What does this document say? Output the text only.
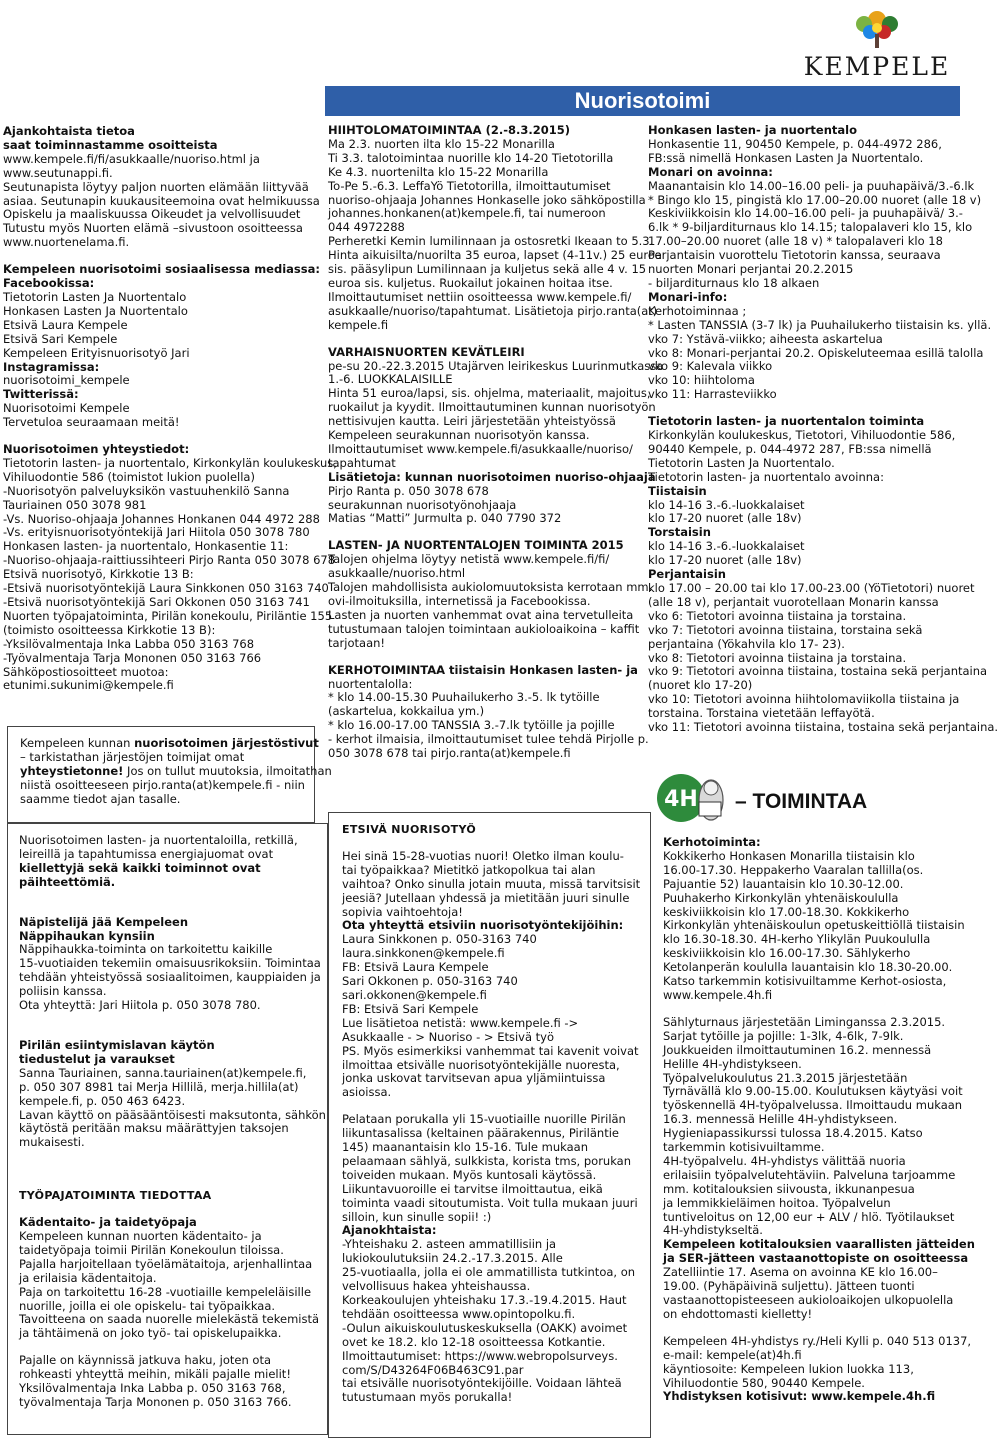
KEMPELE
Nuorisotoimi

Ajankohtaista tietoa

saat toiminnastamme osoitteista

www.kempele.fi/fi/asukkaalle/nuoriso.html ja

www.seutunappi.fi.

Seutunapista löytyy paljon nuorten elämään liittyvää

asiaa. Seutunapin kuukausiteemoina ovat helmikuussa

Opiskelu ja maaliskuussa Oikeudet ja velvollisuudet

Tutustu myös Nuorten elämä –sivustoon osoitteessa

www.nuortenelama.fi.

Kempeleen nuorisotoimi sosiaalisessa mediassa:

Facebookissa:

Tietotorin Lasten Ja Nuortentalo

Honkasen Lasten Ja Nuortentalo

Etsivä Laura Kempele

Etsivä Sari Kempele

Kempeleen Erityisnuorisotyö Jari

Instagramissa:

nuorisotoimi_kempele

Twitterissä:

Nuorisotoimi Kempele

Tervetuloa seuraamaan meitä!

Nuorisotoimen yhteystiedot:

Tietotorin lasten- ja nuortentalo, Kirkonkylän koulukeskus,

Vihiluodontie 586 (toimistot lukion puolella)

-Nuorisotyön palveluyksikön vastuuhenkilö Sanna

Tauriainen 050 3078 981

-Vs. Nuoriso-ohjaaja Johannes Honkanen 044 4972 288

-Vs. erityisnuorisotyöntekijä Jari Hiitola 050 3078 780

Honkasen lasten- ja nuortentalo, Honkasentie 11:

-Nuoriso-ohjaaja-raittiussihteeri Pirjo Ranta 050 3078 678

Etsivä nuorisotyö, Kirkkotie 13 B:

-Etsivä nuorisotyöntekijä Laura Sinkkonen 050 3163 740

-Etsivä nuorisotyöntekijä Sari Okkonen 050 3163 741

Nuorten työpajatoiminta, Pirilän konekoulu, Piriläntie 155

(toimisto osoitteessa Kirkkotie 13 B):

-Yksilövalmentaja Inka Labba 050 3163 768

-Työvalmentaja Tarja Mononen 050 3163 766

Sähköpostiosoitteet muotoa:

etunimi.sukunimi@kempele.fi

Kempeleen kunnan nuorisotoimen järjestöstivut

– tarkistathan järjestöjen toimijat omat

yhteystietonne! Jos on tullut muutoksia, ilmoitathan

niistä osoitteeseen pirjo.ranta(at)kempele.fi - niin

saamme tiedot ajan tasalle.

Nuorisotoimen lasten- ja nuortentaloilla, retkillä,

leireillä ja tapahtumissa energiajuomat ovat

kiellettyjä sekä kaikki toiminnot ovat

päihteettömiä.

Näpistelijä jää Kempeleen

Näppihaukan kynsiin

Näppihaukka-toiminta on tarkoitettu kaikille

15-vuotiaiden tekemiin omaisuusrikoksiin. Toimintaa

tehdään yhteistyössä sosiaalitoimen, kauppiaiden ja

poliisin kanssa.

Ota yhteyttä: Jari Hiitola p. 050 3078 780.

Pirilän esiintymislavan käytön

tiedustelut ja varaukset

Sanna Tauriainen, sanna.tauriainen(at)kempele.fi,

p. 050 307 8981 tai Merja Hillilä, merja.hillila(at)

kempele.fi, p. 050 463 6423.

Lavan käyttö on pääsääntöisesti maksutonta, sähkön

käytöstä peritään maksu määrättyjen taksojen

mukaisesti.

TYÖPAJATOIMINTA TIEDOTTAA

Kädentaito- ja taidetyöpaja

Kempeleen kunnan nuorten kädentaito- ja

taidetyöpaja toimii Pirilän Konekoulun tiloissa.

Pajalla harjoitellaan työelämätaitoja, arjenhallintaa

ja erilaisia kädentaitoja.

Paja on tarkoitettu 16-28 -vuotiaille kempeleläisille

nuorille, joilla ei ole opiskelu- tai työpaikkaa.

Tavoitteena on saada nuorelle mielekästä tekemistä

ja tähtäimenä on joko työ- tai opiskelupaikka.

Pajalle on käynnissä jatkuva haku, joten ota

rohkeasti yhteyttä meihin, mikäli pajalle mielit!

Yksilövalmentaja Inka Labba p. 050 3163 768,

työvalmentaja Tarja Mononen p. 050 3163 766.

HIIHTOLOMATOIMINTAA (2.-8.3.2015)

Ma 2.3. nuorten ilta klo 15-22 Monarilla

Ti 3.3. talotoimintaa nuorille klo 14-20 Tietotorilla

Ke 4.3. nuortenilta klo 15-22 Monarilla

To-Pe 5.-6.3. LeffaYö Tietotorilla, ilmoittautumiset

nuoriso-ohjaaja Johannes Honkaselle joko sähköpostilla

johannes.honkanen(at)kempele.fi, tai numeroon

044 4972288

Perheretki Kemin lumilinnaan ja ostosretki Ikeaan to 5.3.

Hinta aikuisilta/nuorilta 35 euroa, lapset (4-11v.) 25 euroa

sis. pääsylipun Lumilinnaan ja kuljetus sekä alle 4 v. 15

euroa sis. kuljetus. Ruokailut jokainen hoitaa itse.

Ilmoittautumiset nettiin osoitteessa www.kempele.fi/

asukkaalle/nuoriso/tapahtumat. Lisätietoja pirjo.ranta(at)

kempele.fi

VARHAISNUORTEN KEVÄTLEIRI

pe-su 20.-22.3.2015 Utajärven leirikeskus Luurinmutkassa

1.-6. LUOKKALAISILLE

Hinta 51 euroa/lapsi, sis. ohjelma, materiaalit, majoitus,

ruokailut ja kyydit. Ilmoittautuminen kunnan nuorisotyön

nettisivujen kautta. Leiri järjestetään yhteistyössä

Kempeleen seurakunnan nuorisotyön kanssa.

Ilmoittautumiset www.kempele.fi/asukkaalle/nuoriso/

tapahtumat

Lisätietoja: kunnan nuorisotoimen nuoriso-ohjaaja

Pirjo Ranta p. 050 3078 678

seurakunnan nuorisotyönohjaaja

Matias “Matti” Jurmulta p. 040 7790 372

LASTEN- JA NUORTENTALOJEN TOIMINTA 2015

Talojen ohjelma löytyy netistä www.kempele.fi/fi/

asukkaalle/nuoriso.html

Talojen mahdollisista aukiolomuutoksista kerrotaan mm.

ovi-ilmoituksilla, internetissä ja Facebookissa.

Lasten ja nuorten vanhemmat ovat aina tervetulleita

tutustumaan talojen toimintaan aukioloaikoina – kaffit

tarjotaan!

KERHOTOIMINTAA tiistaisin Honkasen lasten- ja

nuortentalolla:

* klo 14.00-15.30 Puuhailukerho 3.-5. lk tytöille

(askartelua, kokkailua ym.)

* klo 16.00-17.00 TANSSIA 3.-7.lk tytöille ja pojille

- kerhot ilmaisia, ilmoittautumiset tulee tehdä Pirjolle p.

050 3078 678 tai pirjo.ranta(at)kempele.fi

ETSIVÄ NUORISOTYÖ

Hei sinä 15-28-vuotias nuori! Oletko ilman koulu-

tai työpaikkaa? Mietitkö jatkopolkua tai alan

vaihtoa? Onko sinulla jotain muuta, missä tarvitsisit

jeesiä? Jutellaan yhdessä ja mietitään juuri sinulle

sopivia vaihtoehtoja!

Ota yhteyttä etsiviin nuorisotyöntekijöihin:

Laura Sinkkonen p. 050-3163 740

laura.sinkkonen@kempele.fi

FB: Etsivä Laura Kempele

Sari Okkonen p. 050-3163 740

sari.okkonen@kempele.fi

FB: Etsivä Sari Kempele

Lue lisätietoa netistä: www.kempele.fi ->

Asukkaalle - > Nuoriso - > Etsivä työ

PS. Myös esimerkiksi vanhemmat tai kavenit voivat

ilmoittaa etsivälle nuorisotyöntekijälle nuoresta,

jonka uskovat tarvitsevan apua yljämiintuissa

asioissa.

Pelataan porukalla yli 15-vuotiaille nuorille Pirilän

liikuntasalissa (keltainen päärakennus, Piriläntie

145) maanantaisin klo 15-16. Tule mukaan

pelaamaan sählyä, sulkkista, korista tms, porukan

toiveiden mukaan. Myös kuntosali käytössä.

Liikuntavuoroille ei tarvitse ilmoittautua, eikä

toiminta vaadi sitoutumista. Voit tulla mukaan juuri

silloin, kun sinulle sopii! :)

Ajanokhtaista:

-Yhteishaku 2. asteen ammatillisiin ja

lukiokoulutuksiin 24.2.-17.3.2015. Alle

25-vuotiaalla, jolla ei ole ammatillista tutkintoa, on

velvollisuus hakea yhteishaussa.

Korkeakoulujen yhteishaku 17.3.-19.4.2015. Haut

tehdään osoitteessa www.opintopolku.fi.

-Oulun aikuiskoulutuskeskuksella (OAKK) avoimet

ovet ke 18.2. klo 12-18 osoitteessa Kotkantie.

Ilmoittautumiset: https://www.webropolsurveys.

com/S/D43264F06B463C91.par

tai etsivälle nuorisotyöntekijöille. Voidaan lähteä

tutustumaan myös porukalla!

Honkasen lasten- ja nuortentalo

Honkasentie 11, 90450 Kempele, p. 044-4972 286,

FB:ssä nimellä Honkasen Lasten Ja Nuortentalo.

Monari on avoinna:

Maanantaisin klo 14.00–16.00 peli- ja puuhapäivä/3.-6.lk

* Bingo klo 15, pingistä klo 17.00–20.00 nuoret (alle 18 v)

Keskiviikkoisin klo 14.00–16.00 peli- ja puuhapäivä/ 3.-

6.lk * 9-biljarditurnaus klo 14.15; talopalaveri klo 15, klo

17.00–20.00 nuoret (alle 18 v) * talopalaveri klo 18

Perjantaisin vuorottelu Tietotorin kanssa, seuraava

nuorten Monari perjantai 20.2.2015

- biljarditurnaus klo 18 alkaen

Monari-info:

Kerhotoiminnaa ;

* Lasten TANSSIA (3-7 lk) ja Puuhailukerho tiistaisin ks. yllä.

vko 7: Ystävä-viikko; aiheesta askartelua

vko 8: Monari-perjantai 20.2. Opiskeluteemaa esillä talolla

vko 9: Kalevala viikko

vko 10: hiihtoloma

vko 11: Harrasteviikko

Tietotorin lasten- ja nuortentalon toiminta

Kirkonkylän koulukeskus, Tietotori, Vihiluodontie 586,

90440 Kempele, p. 044-4972 287, FB:ssa nimellä

Tietotorin Lasten Ja Nuortentalo.

Tietotorin lasten- ja nuortentalo avoinna:

Tiistaisin

klo 14-16 3.-6.-luokkalaiset

klo 17-20 nuoret (alle 18v)

Torstaisin

klo 14-16 3.-6.-luokkalaiset

klo 17-20 nuoret (alle 18v)

Perjantaisin

klo 17.00 – 20.00 tai klo 17.00-23.00 (YöTietotori) nuoret

(alle 18 v), perjantait vuorotellaan Monarin kanssa

vko 6: Tietotori avoinna tiistaina ja torstaina.

vko 7: Tietotori avoinna tiistaina, torstaina sekä

perjantaina (Yökahvila klo 17- 23).

vko 8: Tietotori avoinna tiistaina ja torstaina.

vko 9: Tietotori avoinna tiistaina, tostaina sekä perjantaina

(nuoret klo 17-20)

vko 10: Tietotori avoinna hiihtolomaviikolla tiistaina ja

torstaina. Torstaina vietetään leffayötä.

vko 11: Tietotori avoinna tiistaina, tostaina sekä perjantaina.

4H – TOIMINTAA

Kerhotoiminta:

Kokkikerho Honkasen Monarilla tiistaisin klo

16.00-17.30. Heppakerho Vaaralan tallilla(os.

Pajuantie 52) lauantaisin klo 10.30-12.00.

Puuhakerho Kirkonkylän yhtenäiskoululla

keskiviikkoisin klo 17.00-18.30. Kokkikerho

Kirkonkylän yhtenäiskoulun opetuskeittiöllä tiistaisin

klo 16.30-18.30. 4H-kerho Ylikylän Puukoululla

keskiviikkoisin klo 16.00-17.30. Sählykerho

Ketolanperän koululla lauantaisin klo 18.30-20.00.

Katso tarkemmin kotisivuiltamme Kerhot-osiosta,

www.kempele.4h.fi

Sählyturnaus järjestetään Liminganssa 2.3.2015.

Sarjat tytöille ja pojille: 1-3lk, 4-6lk, 7-9lk.

Joukkueiden ilmoittautuminen 16.2. mennessä

Helille 4H-yhdistykseen.

Työpalvelukoulutus 21.3.2015 järjestetään

Tyrnävällä klo 9.00-15.00. Koulutuksen käytyäsi voit

työskennellä 4H-työpalvelussa. Ilmoittaudu mukaan

16.3. mennessä Helille 4H-yhdistykseen.

Hygieniapassikurssi tulossa 18.4.2015. Katso

tarkemmin kotisivuiltamme.

4H-työpalvelu. 4H-yhdistys välittää nuoria

erilaisiin työpalvelutehtäviin. Palveluna tarjoamme

mm. kotitalouksien siivousta, ikkunanpesua

ja lemmikkieläimen hoitoa. Työpalvelun

tuntiveloitus on 12,00 eur + ALV / hlö. Työtilaukset

4H-yhdistykseltä.

Kempeleen kotitalouksien vaarallisten jätteiden

ja SER-jätteen vastaanottopiste on osoitteessa

Zatelliintie 17. Asema on avoinna KE klo 16.00–

19.00. (Pyhäpäivinä suljettu). Jätteen tuonti

vastaanottopisteeseen aukioloaikojen ulkopuolella

on ehdottomasti kielletty!

Kempeleen 4H-yhdistys ry./Heli Kylli p. 040 513 0137,

e-mail: kempele(at)4h.fi

käyntiosoite: Kempeleen lukion luokka 113,

Vihiluodontie 580, 90440 Kempele.

Yhdistyksen kotisivut: www.kempele.4h.fi
